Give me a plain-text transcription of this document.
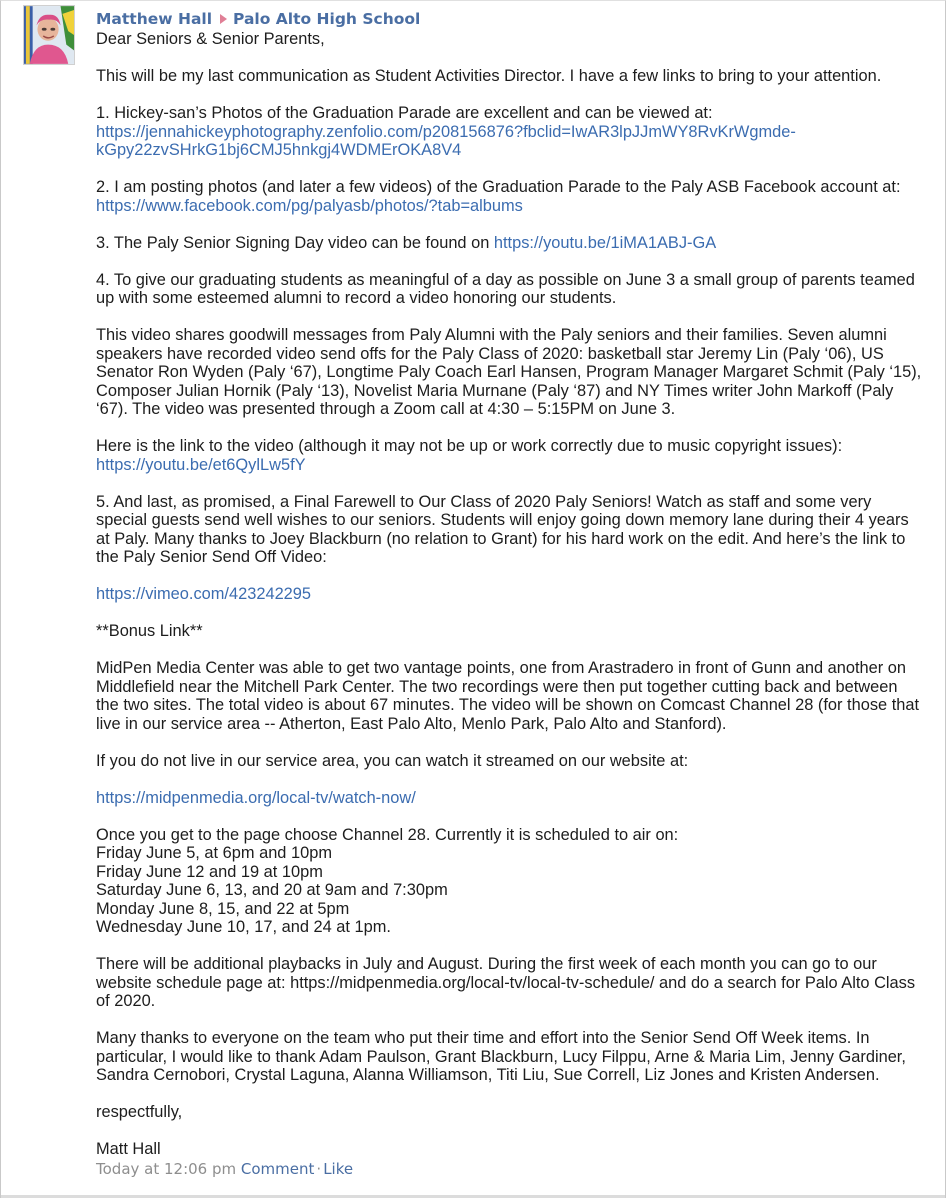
Matthew Hall Palo Alto High School

Dear Seniors & Senior Parents,

This will be my last communication as Student Activities Director. I have a few links to bring to your attention.

1. Hickey-san’s Photos of the Graduation Parade are excellent and can be viewed at:
https://jennahickeyphotography.zenfolio.com/p208156876?fbclid=IwAR3lpJJmWY8RvKrWgmde-
kGpy22zvSHrkG1bj6CMJ5hnkgj4WDMErOKA8V4

2. I am posting photos (and later a few videos) of the Graduation Parade to the Paly ASB Facebook account at: https://www.facebook.com/pg/palyasb/photos/?tab=albums

3. The Paly Senior Signing Day video can be found on https://youtu.be/1iMA1ABJ-GA

4. To give our graduating students as meaningful of a day as possible on June 3 a small group of parents teamed up with some esteemed alumni to record a video honoring our students.

This video shares goodwill messages from Paly Alumni with the Paly seniors and their families. Seven alumni speakers have recorded video send offs for the Paly Class of 2020: basketball star Jeremy Lin (Paly ‘06), US Senator Ron Wyden (Paly ‘67), Longtime Paly Coach Earl Hansen, Program Manager Margaret Schmit (Paly ‘15), Composer Julian Hornik (Paly ‘13), Novelist Maria Murnane (Paly ‘87) and NY Times writer John Markoff (Paly ‘67). The video was presented through a Zoom call at 4:30 – 5:15PM on June 3.

Here is the link to the video (although it may not be up or work correctly due to music copyright issues):
https://youtu.be/et6QylLw5fY

5. And last, as promised, a Final Farewell to Our Class of 2020 Paly Seniors! Watch as staff and some very special guests send well wishes to our seniors. Students will enjoy going down memory lane during their 4 years at Paly. Many thanks to Joey Blackburn (no relation to Grant) for his hard work on the edit. And here’s the link to the Paly Senior Send Off Video:

https://vimeo.com/423242295

**Bonus Link**

MidPen Media Center was able to get two vantage points, one from Arastradero in front of Gunn and another on Middlefield near the Mitchell Park Center. The two recordings were then put together cutting back and between the two sites. The total video is about 67 minutes. The video will be shown on Comcast Channel 28 (for those that live in our service area -- Atherton, East Palo Alto, Menlo Park, Palo Alto and Stanford).

If you do not live in our service area, you can watch it streamed on our website at:

https://midpenmedia.org/local-tv/watch-now/

Once you get to the page choose Channel 28. Currently it is scheduled to air on:
Friday June 5, at 6pm and 10pm
Friday June 12 and 19 at 10pm
Saturday June 6, 13, and 20 at 9am and 7:30pm
Monday June 8, 15, and 22 at 5pm
Wednesday June 10, 17, and 24 at 1pm.

There will be additional playbacks in July and August. During the first week of each month you can go to our website schedule page at: https://midpenmedia.org/local-tv/local-tv-schedule/ and do a search for Palo Alto Class of 2020.

Many thanks to everyone on the team who put their time and effort into the Senior Send Off Week items. In particular, I would like to thank Adam Paulson, Grant Blackburn, Lucy Filppu, Arne & Maria Lim, Jenny Gardiner, Sandra Cernobori, Crystal Laguna, Alanna Williamson, Titi Liu, Sue Correll, Liz Jones and Kristen Andersen.

respectfully,

Matt Hall

Today at 12:06 pm Comment · Like
